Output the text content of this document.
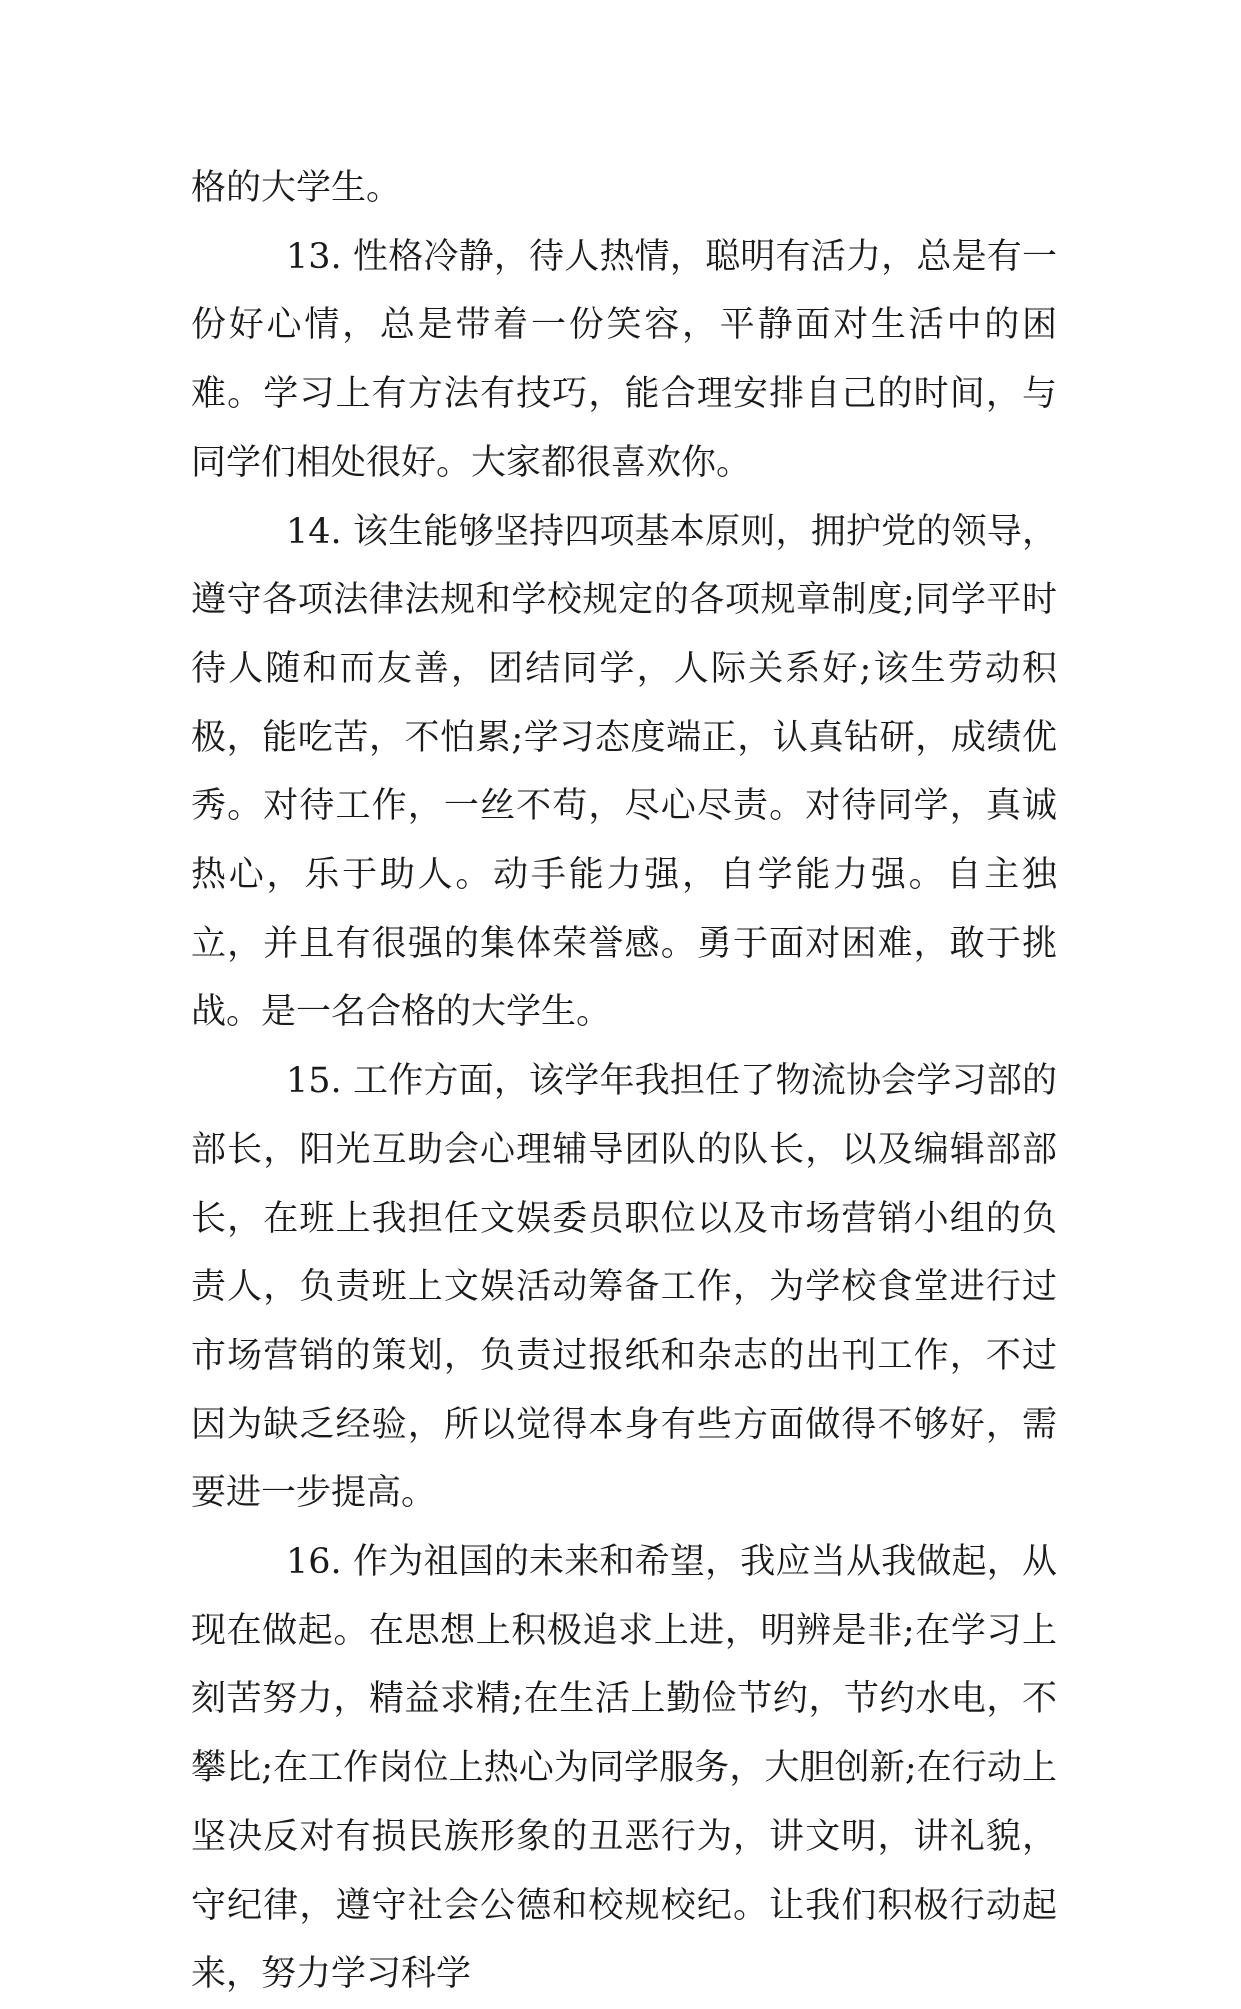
格的大学生。

13. 性格冷静，待人热情，聪明有活力，总是有一份好心情，总是带着一份笑容，平静面对生活中的困难。学习上有方法有技巧，能合理安排自己的时间，与同学们相处很好。大家都很喜欢你。

14. 该生能够坚持四项基本原则，拥护党的领导，遵守各项法律法规和学校规定的各项规章制度;同学平时待人随和而友善，团结同学，人际关系好;该生劳动积极，能吃苦，不怕累;学习态度端正，认真钻研，成绩优秀。对待工作，一丝不苟，尽心尽责。对待同学，真诚热心，乐于助人。动手能力强，自学能力强。自主独立，并且有很强的集体荣誉感。勇于面对困难，敢于挑战。是一名合格的大学生。

15. 工作方面，该学年我担任了物流协会学习部的部长，阳光互助会心理辅导团队的队长，以及编辑部部长，在班上我担任文娱委员职位以及市场营销小组的负责人，负责班上文娱活动筹备工作，为学校食堂进行过市场营销的策划，负责过报纸和杂志的出刊工作，不过因为缺乏经验，所以觉得本身有些方面做得不够好，需要进一步提高。

16. 作为祖国的未来和希望，我应当从我做起，从现在做起。在思想上积极追求上进，明辨是非;在学习上刻苦努力，精益求精;在生活上勤俭节约，节约水电，不攀比;在工作岗位上热心为同学服务，大胆创新;在行动上坚决反对有损民族形象的丑恶行为，讲文明，讲礼貌，守纪律，遵守社会公德和校规校纪。让我们积极行动起来，努力学习科学
